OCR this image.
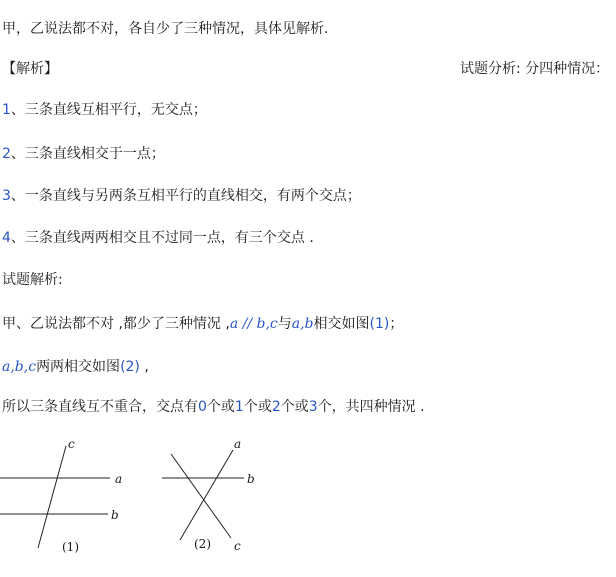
甲，乙说法都不对，各自少了三种情况，具体见解析.
【解析】	试题分析: 分四种情况：
1、三条直线互相平行，无交点；
2、三条直线相交于一点；
3、一条直线与另两条互相平行的直线相交，有两个交点；
4、三条直线两两相交且不过同一点，有三个交点 .
试题解析:
甲、乙说法都不对 ,都少了三种情况 ,a // b,c与a,b相交如图(1)；
a,b,c两两相交如图(2) ,
所以三条直线互不重合，交点有0个或1个或2个或3个，共四种情况 .
c
a
b
(1)
a
b
c
(2)
